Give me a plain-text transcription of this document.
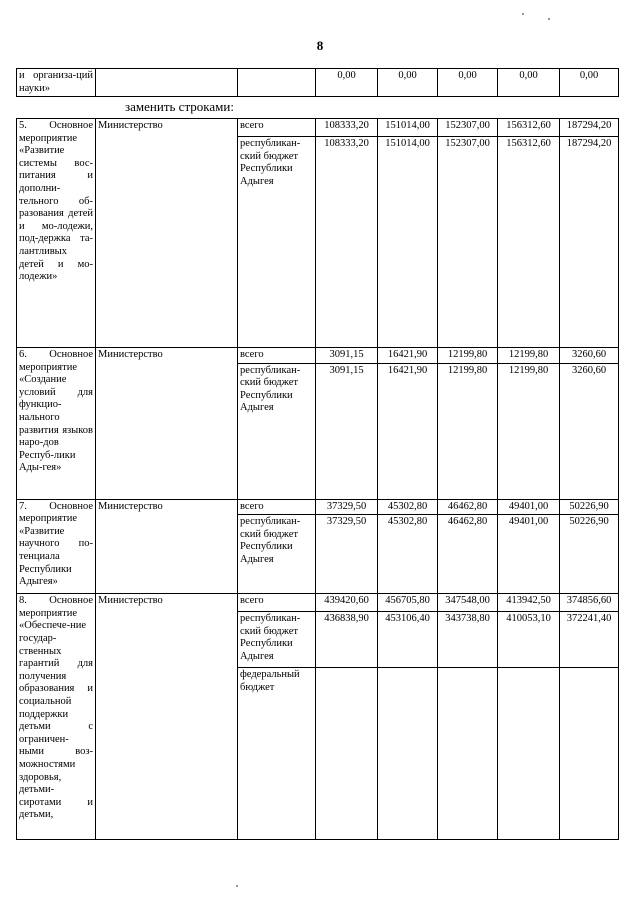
8
и организа-ций науки»			0,00	0,00	0,00	0,00	0,00
заменить строками:
5. Основное мероприятие «Развитие системы вос-питания и дополни-тельного об-разования детей и мо-лодежи, под-держка та-лантливых детей и мо-лодежи»	Министерство	всего	108333,20	151014,00	152307,00	156312,60	187294,20
		республикан-ский бюджет Республики Адыгея	108333,20	151014,00	152307,00	156312,60	187294,20
6. Основное мероприятие «Создание условий для функцио-нального развития языков наро-дов Респуб-лики Ады-гея»	Министерство	всего	3091,15	16421,90	12199,80	12199,80	3260,60
		республикан-ский бюджет Республики Адыгея	3091,15	16421,90	12199,80	12199,80	3260,60
7. Основное мероприятие «Развитие научного по-тенциала Республики Адыгея»	Министерство	всего	37329,50	45302,80	46462,80	49401,00	50226,90
		республикан-ский бюджет Республики Адыгея	37329,50	45302,80	46462,80	49401,00	50226,90
8. Основное мероприятие «Обеспече-ние государ-ственных гарантий для получения образования и социальной поддержки детьми с ограничен-ными воз-можностями здоровья, детьми-сиротами и детьми,	Министерство	всего	439420,60	456705,80	347548,00	413942,50	374856,60
		республикан-ский бюджет Республики Адыгея	436838,90	453106,40	343738,80	410053,10	372241,40
		федеральный бюджет					
